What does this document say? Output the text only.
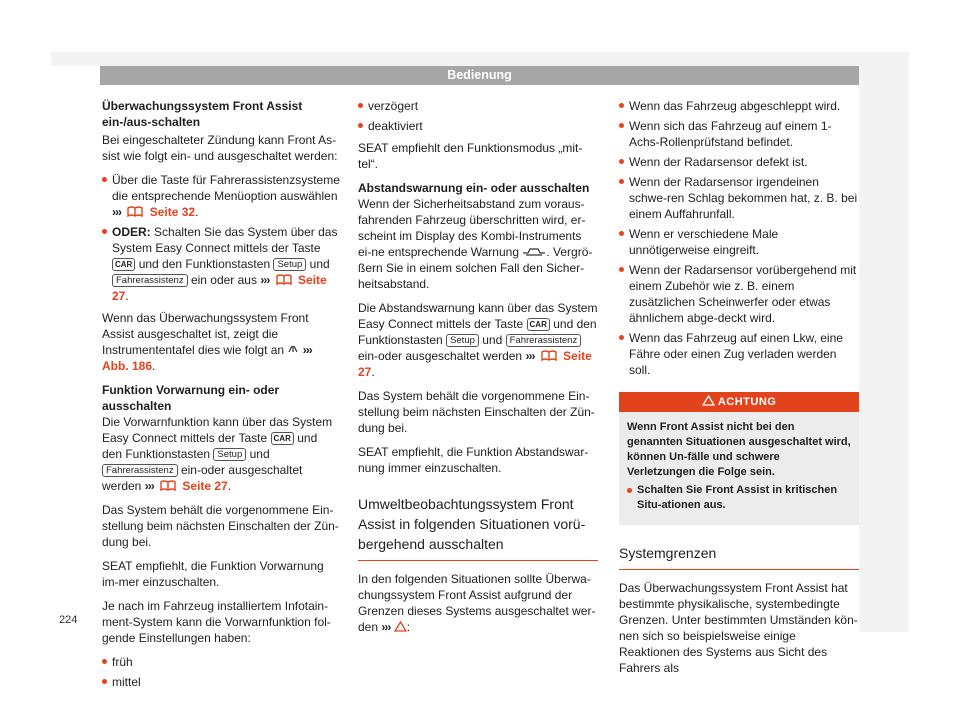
Bedienung

Überwachungssystem Front Assist ein-/aus-schalten

Bei eingeschalteter Zündung kann Front As-sist wie folgt ein- und ausgeschaltet werden:

Über die Taste für Fahrerassistenzsysteme die entsprechende Menüoption auswählen
››› Seite 32.
ODER: Schalten Sie das System über das System Easy Connect mittels der Taste CAR und den Funktionstasten Setup und Fahrerassistenz ein oder aus ››› Seite 27.

Wenn das Überwachungssystem Front Assist ausgeschaltet ist, zeigt die Instrumententafel dies wie folgt an ››› Abb. 186.

Funktion Vorwarnung ein- oder ausschalten

Die Vorwarnfunktion kann über das System Easy Connect mittels der Taste CAR und den Funktionstasten Setup und Fahrerassistenz ein-oder ausgeschaltet werden ››› Seite 27.

Das System behält die vorgenommene Ein-stellung beim nächsten Einschalten der Zün-dung bei.

SEAT empfiehlt, die Funktion Vorwarnung im-mer einzuschalten.

Je nach im Fahrzeug installiertem Infotain-ment-System kann die Vorwarnfunktion fol-gende Einstellungen haben:

früh
mittel
verzögert
deaktiviert

SEAT empfiehlt den Funktionsmodus „mit-tel“.

Abstandswarnung ein- oder ausschalten

Wenn der Sicherheitsabstand zum voraus-fahrenden Fahrzeug überschritten wird, er-scheint im Display des Kombi-Instruments ei-ne entsprechende Warnung . Vergrö-ßern Sie in einem solchen Fall den Sicher-heitsabstand.

Die Abstandswarnung kann über das System Easy Connect mittels der Taste CAR und den Funktionstasten Setup und Fahrerassistenz ein-oder ausgeschaltet werden ››› Seite 27.

Das System behält die vorgenommene Ein-stellung beim nächsten Einschalten der Zün-dung bei.

SEAT empfiehlt, die Funktion Abstandswar-nung immer einzuschalten.

Umweltbeobachtungssystem Front Assist in folgenden Situationen vorü-bergehend ausschalten

In den folgenden Situationen sollte Überwa-chungssystem Front Assist aufgrund der Grenzen dieses Systems ausgeschaltet wer-den ››› :

Wenn das Fahrzeug abgeschleppt wird.
Wenn sich das Fahrzeug auf einem 1-Achs-Rollenprüfstand befindet.
Wenn der Radarsensor defekt ist.
Wenn der Radarsensor irgendeinen schwe-ren Schlag bekommen hat, z. B. bei einem Auffahrunfall.
Wenn er verschiedene Male unnötigerweise eingreift.
Wenn der Radarsensor vorübergehend mit einem Zubehör wie z. B. einem zusätzlichen Scheinwerfer oder etwas ähnlichem abge-deckt wird.
Wenn das Fahrzeug auf einen Lkw, eine Fähre oder einen Zug verladen werden soll.
ACHTUNG

Wenn Front Assist nicht bei den genannten Situationen ausgeschaltet wird, können Un-fälle und schwere Verletzungen die Folge sein.

Schalten Sie Front Assist in kritischen Situ-ationen aus.
Systemgrenzen

Das Überwachungssystem Front Assist hat bestimmte physikalische, systembedingte Grenzen. Unter bestimmten Umständen kön-nen sich so beispielsweise einige Reaktionen des Systems aus Sicht des Fahrers als

224
